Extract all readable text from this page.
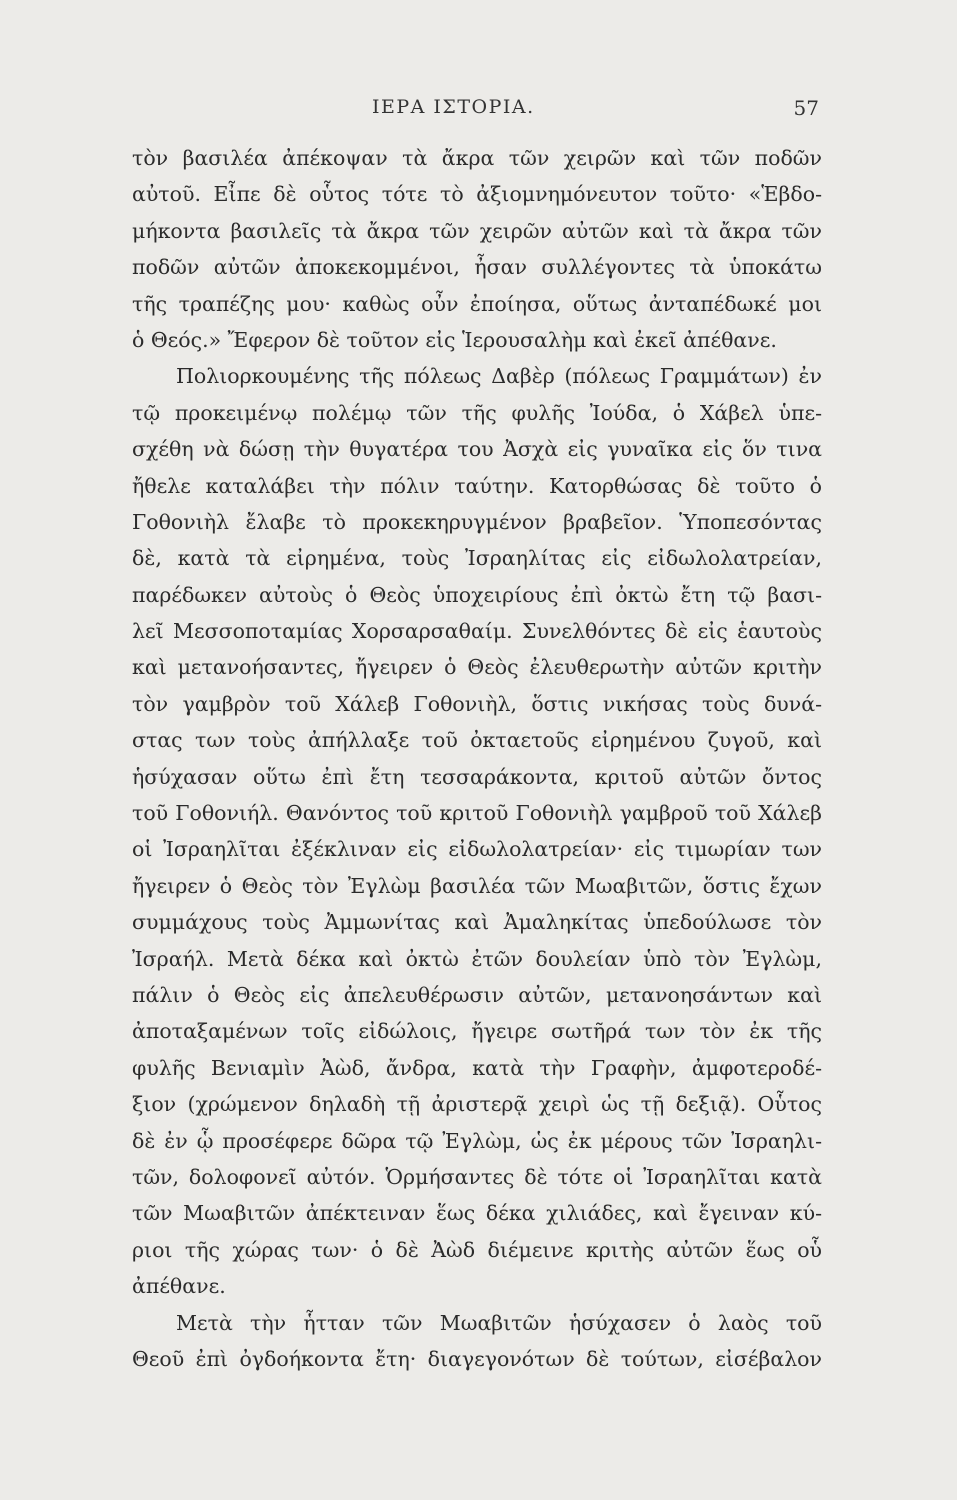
ΙΕΡΑ ΙΣΤΟΡΙΑ.	57
τὸν βασιλέα ἀπέκοψαν τὰ ἄκρα τῶν χειρῶν καὶ τῶν ποδῶν
αὐτοῦ. Εἶπε δὲ οὗτος τότε τὸ ἀξιομνημόνευτον τοῦτο· «Ἑβδο-
μήκοντα βασιλεῖς τὰ ἄκρα τῶν χειρῶν αὐτῶν καὶ τὰ ἄκρα τῶν
ποδῶν αὐτῶν ἀποκεκομμένοι, ἦσαν συλλέγοντες τὰ ὑποκάτω
τῆς τραπέζης μου· καθὼς οὖν ἐποίησα, οὕτως ἀνταπέδωκέ μοι
ὁ Θεός.» Ἔφερον δὲ τοῦτον εἰς Ἱερουσαλὴμ καὶ ἐκεῖ ἀπέθανε.
Πολιορκουμένης τῆς πόλεως Δαβὲρ (πόλεως Γραμμάτων) ἐν
τῷ προκειμένῳ πολέμῳ τῶν τῆς φυλῆς Ἰούδα, ὁ Χάβελ ὑπε-
σχέθη νὰ δώσῃ τὴν θυγατέρα του Ἀσχὰ εἰς γυναῖκα εἰς ὅν τινα
ἤθελε καταλάβει τὴν πόλιν ταύτην. Κατορθώσας δὲ τοῦτο ὁ
Γοθονιὴλ ἔλαβε τὸ προκεκηρυγμένον βραβεῖον. Ὑποπεσόντας
δὲ, κατὰ τὰ εἰρημένα, τοὺς Ἰσραηλίτας εἰς εἰδωλολατρείαν,
παρέδωκεν αὐτοὺς ὁ Θεὸς ὑποχειρίους ἐπὶ ὀκτὼ ἔτη τῷ βασι-
λεῖ Μεσσοποταμίας Χορσαρσαθαίμ. Συνελθόντες δὲ εἰς ἑαυτοὺς
καὶ μετανοήσαντες, ἤγειρεν ὁ Θεὸς ἐλευθερωτὴν αὐτῶν κριτὴν
τὸν γαμβρὸν τοῦ Χάλεβ Γοθονιὴλ, ὅστις νικήσας τοὺς δυνά-
στας των τοὺς ἀπήλλαξε τοῦ ὀκταετοῦς εἰρημένου ζυγοῦ, καὶ
ἡσύχασαν οὕτω ἐπὶ ἔτη τεσσαράκοντα, κριτοῦ αὐτῶν ὄντος
τοῦ Γοθονιήλ. Θανόντος τοῦ κριτοῦ Γοθονιὴλ γαμβροῦ τοῦ Χάλεβ
οἱ Ἰσραηλῖται ἐξέκλιναν εἰς εἰδωλολατρείαν· εἰς τιμωρίαν των
ἤγειρεν ὁ Θεὸς τὸν Ἐγλὼμ βασιλέα τῶν Μωαβιτῶν, ὅστις ἔχων
συμμάχους τοὺς Ἀμμωνίτας καὶ Ἀμαληκίτας ὑπεδούλωσε τὸν
Ἰσραήλ. Μετὰ δέκα καὶ ὀκτὼ ἐτῶν δουλείαν ὑπὸ τὸν Ἐγλὼμ,
πάλιν ὁ Θεὸς εἰς ἀπελευθέρωσιν αὐτῶν, μετανοησάντων καὶ
ἀποταξαμένων τοῖς εἰδώλοις, ἤγειρε σωτῆρά των τὸν ἐκ τῆς
φυλῆς Βενιαμὶν Ἀὼδ, ἄνδρα, κατὰ τὴν Γραφὴν, ἀμφοτεροδέ-
ξιον (χρώμενον δηλαδὴ τῇ ἀριστερᾷ χειρὶ ὡς τῇ δεξιᾷ). Οὗτος
δὲ ἐν ᾧ προσέφερε δῶρα τῷ Ἐγλὼμ, ὡς ἐκ μέρους τῶν Ἰσραηλι-
τῶν, δολοφονεῖ αὐτόν. Ὁρμήσαντες δὲ τότε οἱ Ἰσραηλῖται κατὰ
τῶν Μωαβιτῶν ἀπέκτειναν ἕως δέκα χιλιάδες, καὶ ἔγειναν κύ-
ριοι τῆς χώρας των· ὁ δὲ Ἀὼδ διέμεινε κριτὴς αὐτῶν ἕως οὗ
ἀπέθανε.
Μετὰ τὴν ἧτταν τῶν Μωαβιτῶν ἡσύχασεν ὁ λαὸς τοῦ
Θεοῦ ἐπὶ ὀγδοήκοντα ἔτη· διαγεγονότων δὲ τούτων, εἰσέβαλον
